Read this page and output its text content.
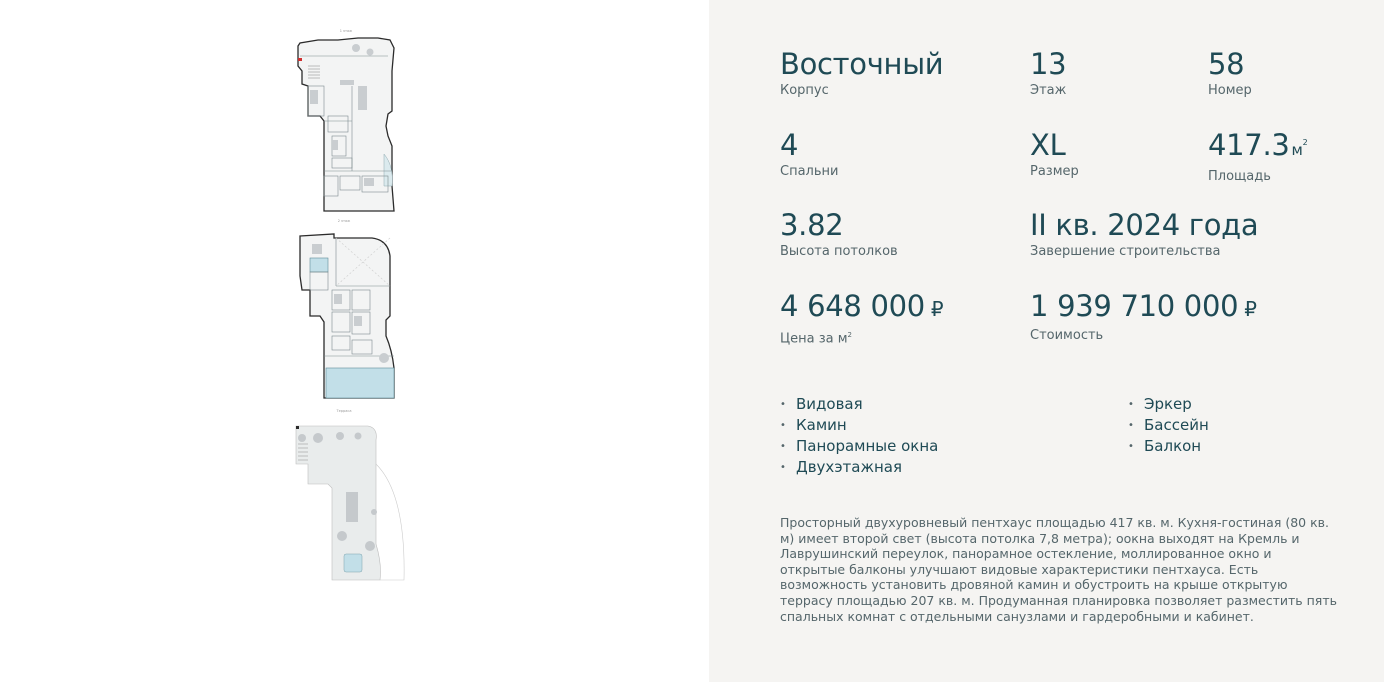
1 этаж
2 этаж
Терраса
Восточный
Корпус
13
Этаж
58
Номер
4
Спальни
XL
Размер
417.3 $м^2$
Площадь
3.82
Высота потолков
II кв. 2024 года
Завершение строительства
4 648 000 ₽
Цена за $м^2$
1 939 710 000 ₽
Стоимость
• Видовая
• Камин
• Панорамные окна
• Двухэтажная
• Эркер
• Бассейн
• Балкон
Просторный двухуровневый пентхаус площадью 417 кв. м. Кухня-гостиная (80 кв. м) имеет второй свет (высота потолка 7,8 метра); оокна выходят на Кремль и Лаврушинский переулок, панорамное остекление, моллированное окно и открытые балконы улучшают видовые характеристики пентхауса. Есть возможность установить дровяной камин и обустроить на крыше открытую террасу площадью 207 кв. м. Продуманная планировка позволяет разместить пять спальных комнат с отдельными санузлами и гардеробными и кабинет.
